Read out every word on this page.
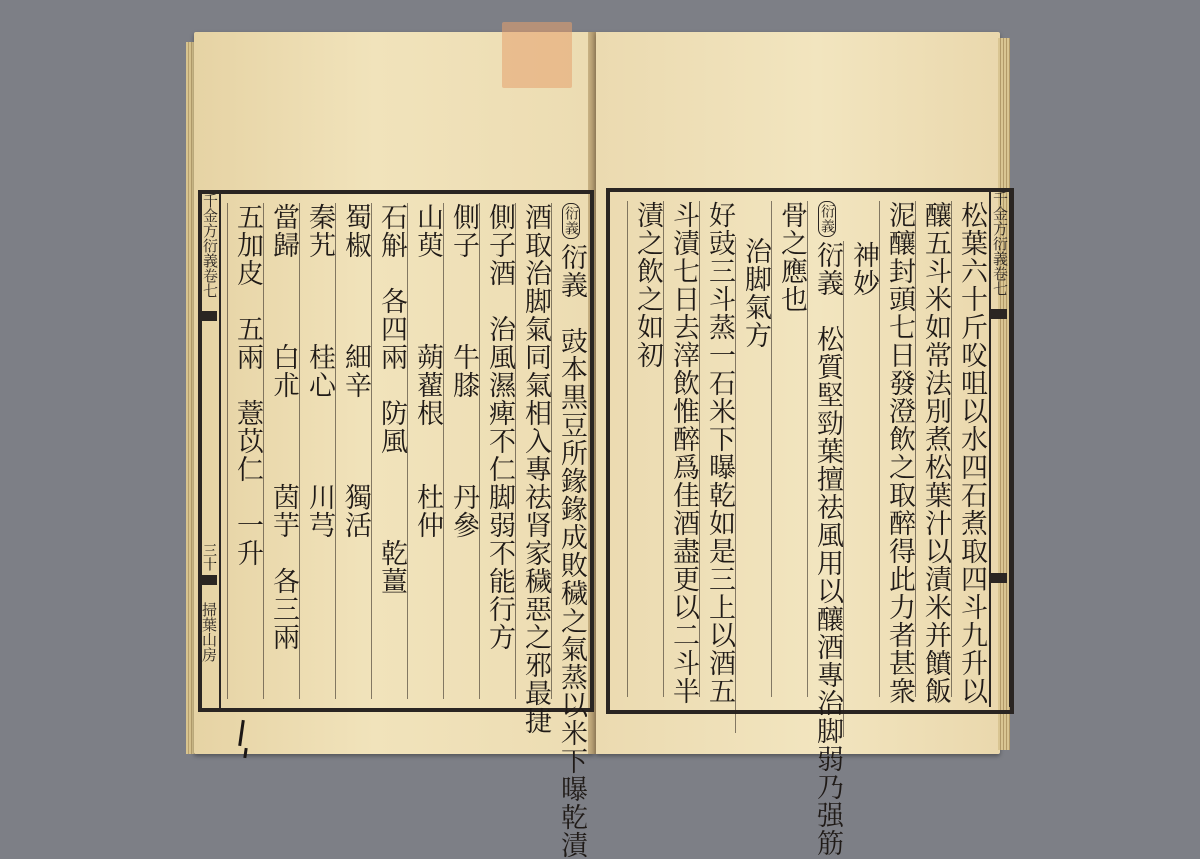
千金方衍義卷七
三十
衍義衍義　豉本黒豆所䤸䤸成敗穢之氣蒸以米下曝乾漬
酒取治脚氣同氣相入專祛肾家穢惡之邪最捷
側子酒　治風濕痺不仁脚弱不能行方
側子　　　牛膝　　　丹參
山萸　　　蒴藋根　　杜仲
石斛　各四兩　防風　　　乾薑
蜀椒　　　細辛　　　獨活
秦艽　　　桂心　　　川芎
當歸　　　白朮　　　茵芋　各三兩
五加皮　五兩　薏苡仁　一升
掃葉山房
千金方衍義卷七
松葉六十斤㕮咀以水四石煮取四斗九升以
釀五斗米如常法別煮松葉汁以漬米并饙飯
泥釀封頭七日發澄飲之取醉得此力者甚衆
神妙
衍義衍義　松質堅勁葉擅祛風用以釀酒專治脚弱乃强筋
骨之應也
治脚氣方
好豉三斗蒸一石米下曝乾如是三上以酒五
斗漬七日去滓飲惟醉爲佳酒盡更以二斗半
漬之飲之如初
